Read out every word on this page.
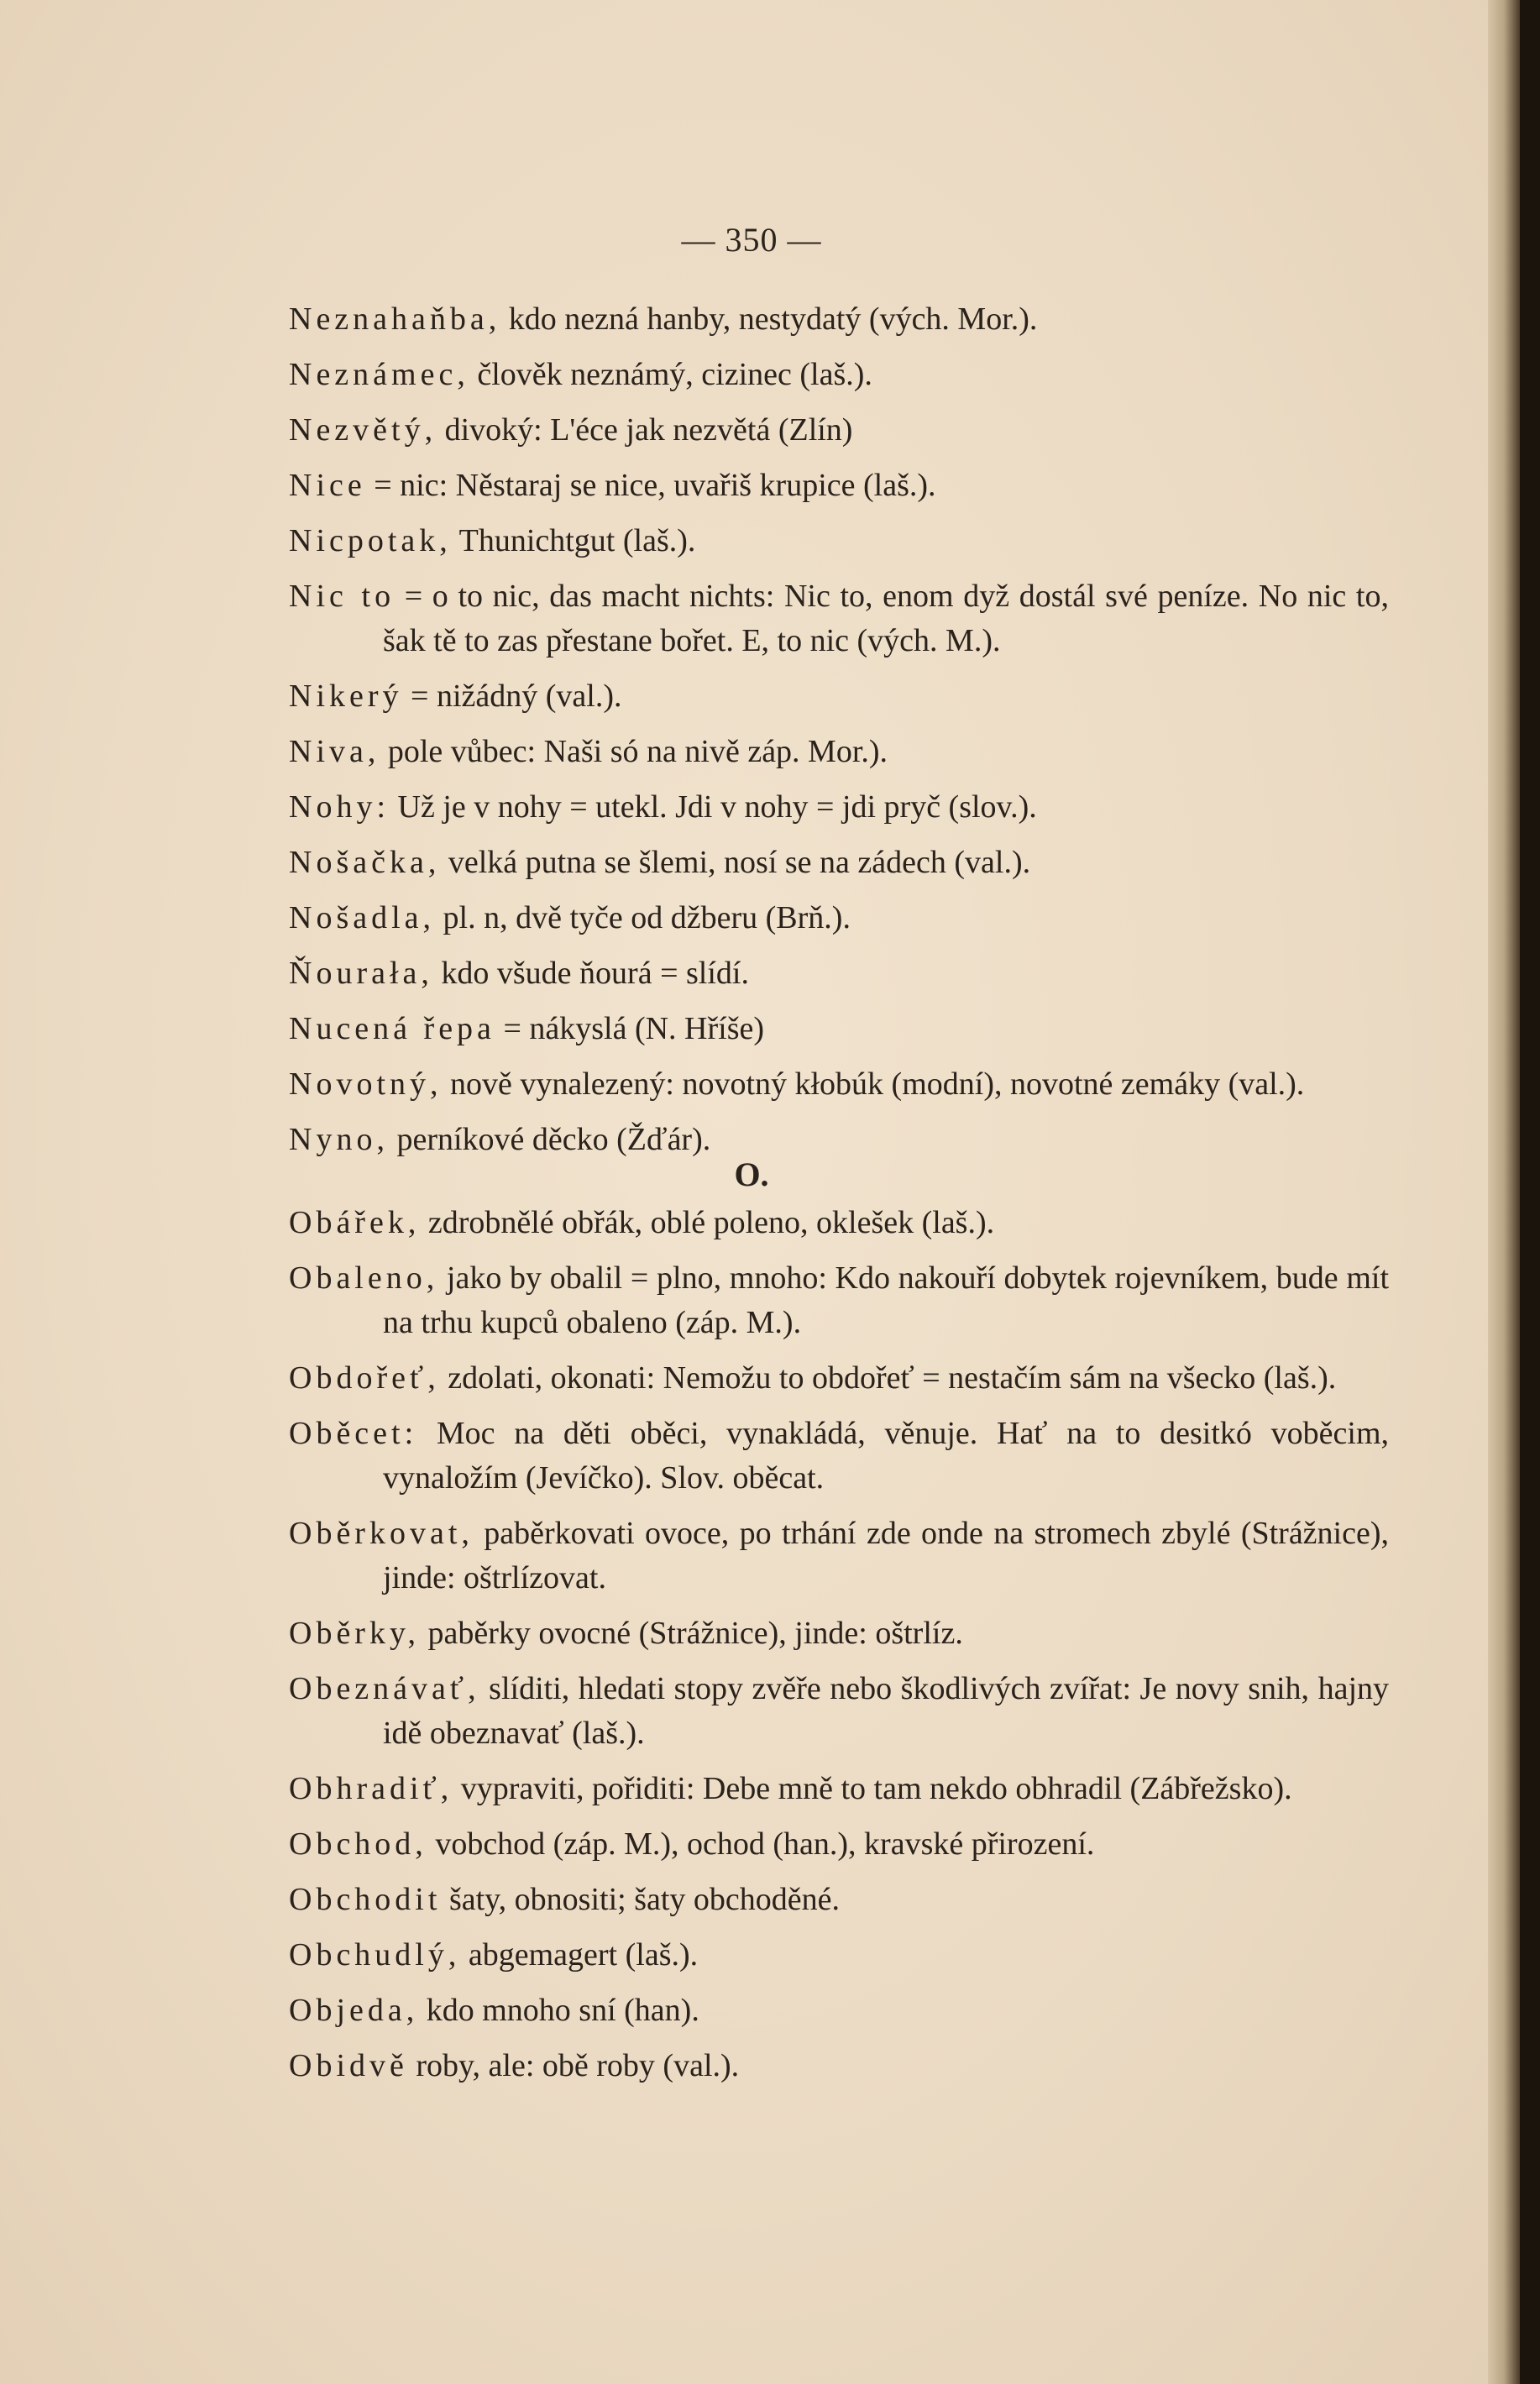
— 350 —
Neznahaňba, kdo nezná hanby, nestydatý (vých. Mor.).
Neznámec, člověk neznámý, cizinec (laš.).
Nezvětý, divoký: L'éce jak nezvětá (Zlín)
Nice = nic: Něstaraj se nice, uvařiš krupice (laš.).
Nicpotak, Thunichtgut (laš.).
Nic to = o to nic, das macht nichts: Nic to, enom dyž dostál své peníze. No nic to, šak tě to zas přestane bořet. E, to nic (vých. M.).
Nikerý = nižádný (val.).
Niva, pole vůbec: Naši só na nivě záp. Mor.).
Nohy: Už je v nohy = utekl. Jdi v nohy = jdi pryč (slov.).
Nošačka, velká putna se šlemi, nosí se na zádech (val.).
Nošadla, pl. n, dvě tyče od džberu (Brň.).
Ňourała, kdo všude ňourá = slídí.
Nucená řepa = nákyslá (N. Hříše)
Novotný, nově vynalezený: novotný kłobúk (modní), novotné zemáky (val.).
Nyno, perníkové děcko (Žďár).
O.
Obářek, zdrobnělé obřák, oblé poleno, oklešek (laš.).
Obaleno, jako by obalil = plno, mnoho: Kdo nakouří dobytek rojevníkem, bude mít na trhu kupců obaleno (záp. M.).
Obdořeť, zdolati, okonati: Nemožu to obdořeť = nestačím sám na všecko (laš.).
Oběcet: Moc na děti oběci, vynakládá, věnuje. Hať na to desitkó voběcim, vynaložím (Jevíčko). Slov. oběcat.
Oběrkovat, paběrkovati ovoce, po trhání zde onde na stromech zbylé (Strážnice), jinde: oštrlízovat.
Oběrky, paběrky ovocné (Strážnice), jinde: oštrlíz.
Obeznávať, slíditi, hledati stopy zvěře nebo škodlivých zvířat: Je novy snih, hajny idě obeznavať (laš.).
Obhradiť, vypraviti, pořiditi: Debe mně to tam nekdo obhradil (Zábřežsko).
Obchod, vobchod (záp. M.), ochod (han.), kravské přirození.
Obchodit šaty, obnositi; šaty obchoděné.
Obchudlý, abgemagert (laš.).
Objeda, kdo mnoho sní (han).
Obidvě roby, ale: obě roby (val.).
